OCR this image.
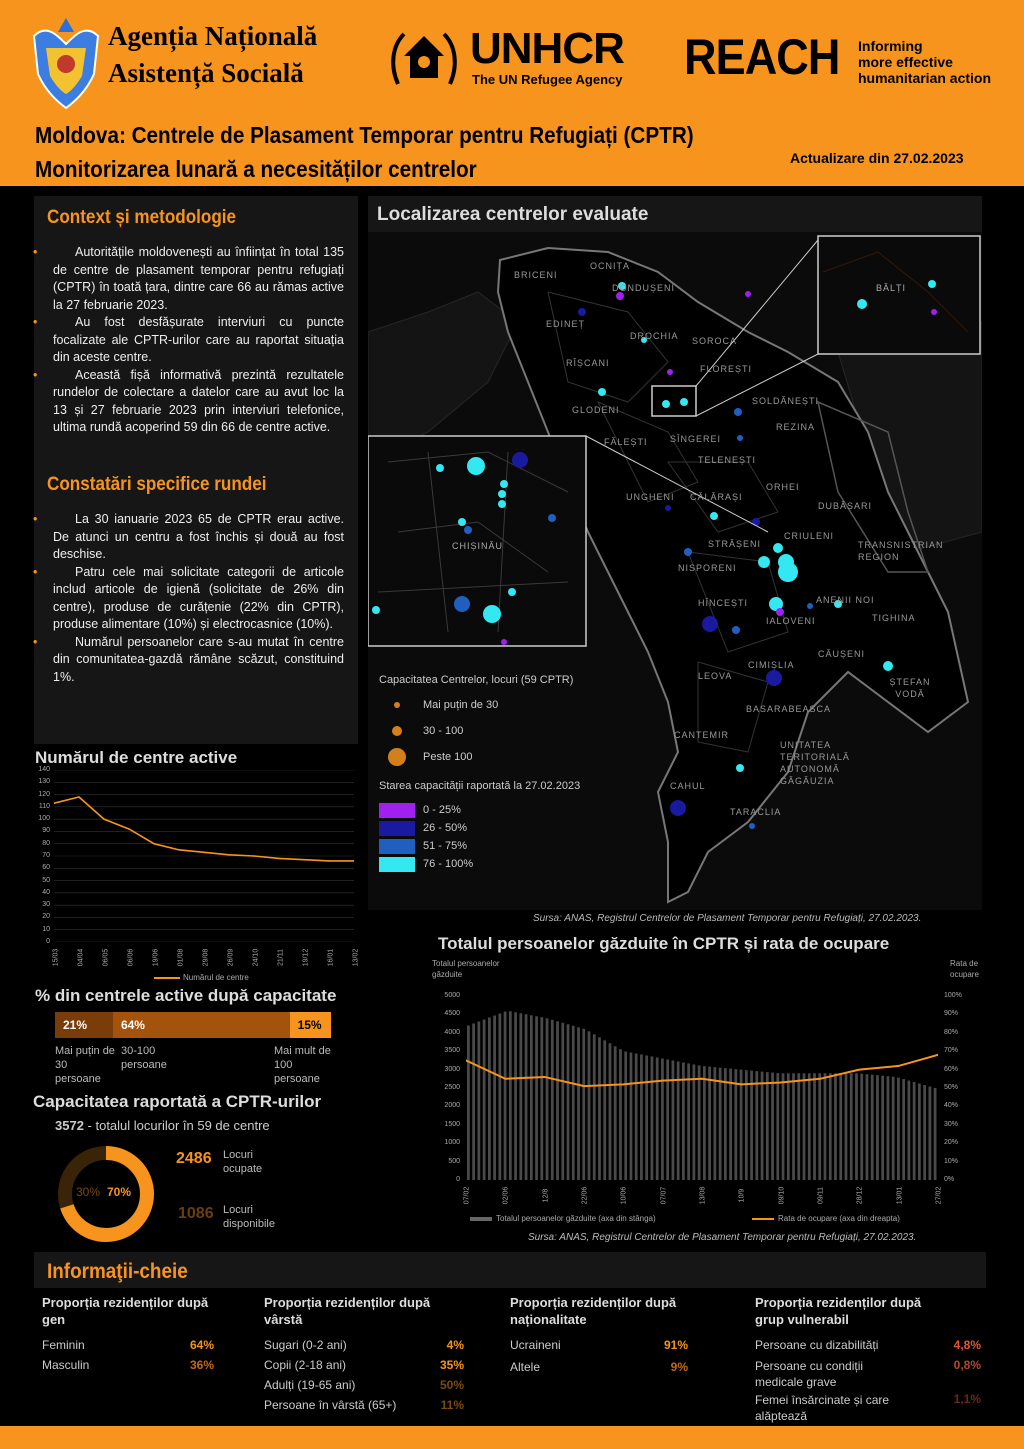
Agenția Națională
Asistență Socială	UNHCR
The UN Refugee Agency REACH Informing
more effective
humanitarian action
Moldova: Centrele de Plasament Temporar pentru Refugiați (CPTR)
Monitorizarea lunară a necesităților centrelor	Actualizare din 27.02.2023
Context și metodologie
• Autoritățile moldovenești au înființat în total 135 de centre de plasament temporar pentru refugiați (CPTR) în toată țara, dintre care 66 au rămas active la 27 februarie 2023.
• Au fost desfășurate interviuri cu puncte focalizate ale CPTR-urilor care au raportat situația din aceste centre.
• Această fișă informativă prezintă rezultatele rundelor de colectare a datelor care au avut loc la 13 și 27 februarie 2023 prin interviuri telefonice, ultima rundă acoperind 59 din 66 de centre active.
Constatări specifice rundei
• La 30 ianuarie 2023 65 de CPTR erau active. De atunci un centru a fost închis și două au fost deschise.
• Patru cele mai solicitate categorii de articole includ articole de igienă (solicitate de 26% din centre), produse de curățenie (22% din CPTR), produse alimentare (10%) și electrocasnice (10%).
• Numărul persoanelor care s-au mutat în centre din comunitatea-gazdă rămâne scăzut, constituind 1%.
Localizarea centrelor evaluate
BRICENI
OCNIȚA
DONDUȘENI
EDINEȚ
DROCHIA SOROCA
RÎȘCANI
FLOREȘTI
GLODENI
SOLDĂNEȘTI
REZINA
FĂLEȘTI SÎNGEREI
TELENEȘTI
ORHEI
UNGHENI CĂLĂRAȘI
DUBĂSARI
STRĂȘENI
CRIULENI
TRANSNISTRIAN REGION
NISPORENI
HÎNCEȘTI	ANENII NOI
IALOVENI	TIGHINA
CĂUȘENI
CIMIȘLIA
LEOVA
ȘTEFAN VODĂ
BASARABEASCA
CANTEMIR
UNITATEA TERITORIALĂ AUTONOMĂ GĂGĂUZIA
CAHUL
TARACLIA
BĂLȚI
CHIȘINĂU
Capacitatea Centrelor, locuri (59 CPTR)
Mai puțin de 30
30 - 100
Peste 100
Starea capacității raportată la 27.02.2023
0 - 25%
26 - 50%
51 - 75%
76 - 100%
Sursa: ANAS, Registrul Centrelor de Plasament Temporar pentru Refugiați, 27.02.2023.
Numărul de centre active
140
130
120
110
100
90
80
70
60
50
40
30
20
10
0
15/03	04/04	06/05	06/06	19/06	01/08	29/08	26/09	24/10	21/11	19/12	16/01	13/02
Numărul de centre
% din centrele active după capacitate
21%	64%	15%
Mai puțin de 30 persoane
30-100 persoane
Mai mult de 100 persoane
Capacitatea raportată a CPTR-urilor
3572 - totalul locurilor în 59 de centre
30% 70%
2486 Locuri ocupate
1086 Locuri disponibile
Totalul persoanelor găzduite în CPTR și rata de ocupare
Totalul persoanelor găzduite
Rata de ocupare
5000
4500
4000
3500
3000
2500
2000
1500
1000
500
0
100%
90%
80%
70%
60%
50%
40%
30%
20%
10%
0%
07/02	02/06	12/8	22/06	10/06	07/07	13/08	10/9	09/10	09/11	28/12	13/01	27/02
Totalul persoanelor găzduite (axa din stânga)	Rata de ocupare (axa din dreapta)
Sursa: ANAS, Registrul Centrelor de Plasament Temporar pentru Refugiați, 27.02.2023.
Informaţii-cheie
Proporția rezidenților după gen
Feminin	64%
Masculin	36%
Proporția rezidenților după vârstă
Sugari (0-2 ani)	4%
Copii (2-18 ani)	35%
Adulți (19-65 ani)	50%
Persoane în vârstă (65+)	11%
Proporția rezidenților după naționalitate
Ucraineni	91%
Altele	9%
Proporția rezidenților după grup vulnerabil
Persoane cu dizabilități	4,8%
Persoane cu condiții medicale grave
0,8%
Femei însărcinate și care alăptează
1,1%
